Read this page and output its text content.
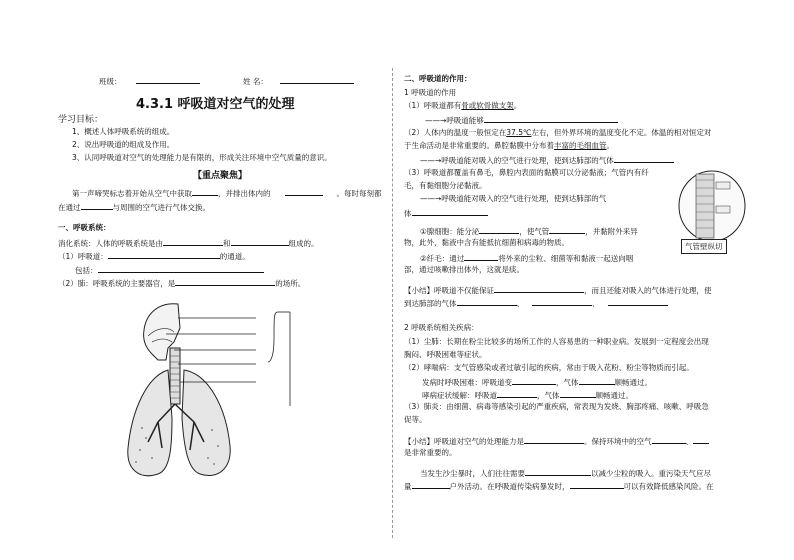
班级：	姓 名：
4.3.1 呼吸道对空气的处理
学习目标：
1、概述人体呼吸系统的组成。
2、说出呼吸道的组成及作用。
3、认同呼吸道对空气的处理能力是有限的，形成关注环境中空气质量的意识。
【重点聚焦】
第一声啼哭标志着开始从空气中获取	，并排出体内的	。每时每刻都
在通过	与周围的空气进行气体交换。
一、呼吸系统：
消化系统：人体的呼吸系统是由	和	组成的。
（1）呼吸道：	的通道。
包括：
（2）肺：呼吸系统的主要器官，是	的场所。
二、呼吸道的作用：
1 呼吸道的作用
（1）呼吸道都有骨或软骨做支架。
——→呼吸道能够
（2）人体内的温度一般恒定在37.5℃左右，但外界环境的温度变化不定。体温的相对恒定对
于生命活动是非常重要的。鼻腔黏膜中分布着丰富的毛细血管。
——→呼吸道能对吸入的空气进行处理，使到达肺部的气体
（3）呼吸道都覆盖有鼻毛，鼻腔内表面的黏膜可以分泌黏液；气管内有纤
毛，有黏细胞分泌黏液。
——→呼吸道能对吸入的空气进行处理，使到达肺部的气
体
①腺细胞：能分泌	，使气管	，并黏附外来异
物，此外，黏液中含有能抵抗细菌和病毒的物质。
②纤毛：通过	将外来的尘粒、细菌等和黏液一起送向咽
部，通过咳嗽排出体外，这就是痰。
气管壁纵切
【小结】呼吸道不仅能保证	，而且还能对吸入的气体进行处理，使
到达肺部的气体	、	、
2 呼吸系统相关疾病：
（1）尘肺：长期在粉尘比较多的场所工作的人容易患的一种职业病。发展到一定程度会出现
胸闷、呼吸困难等症状。
（2）哮喘病：支气管感染或者过敏引起的疾病，常由于吸入花粉、粉尘等物质而引起。
发病时呼吸困难：呼吸道变	，气体	顺畅通过。
哮病症状缓解：呼吸道	，气体	顺畅通过。
（3）肺炎：由细菌、病毒等感染引起的严重疾病，常表现为发烧、胸部疼痛、咳嗽、呼吸急
促等。
【小结】呼吸道对空气的处理能力是	。保持环境中的空气	、
是非常重要的。
当发生沙尘暴时，人们往往需要	以减少尘粒的吸入。重污染天气应尽
量	户外活动。在呼吸道传染病暴发时，	可以有效降低感染风险。在
